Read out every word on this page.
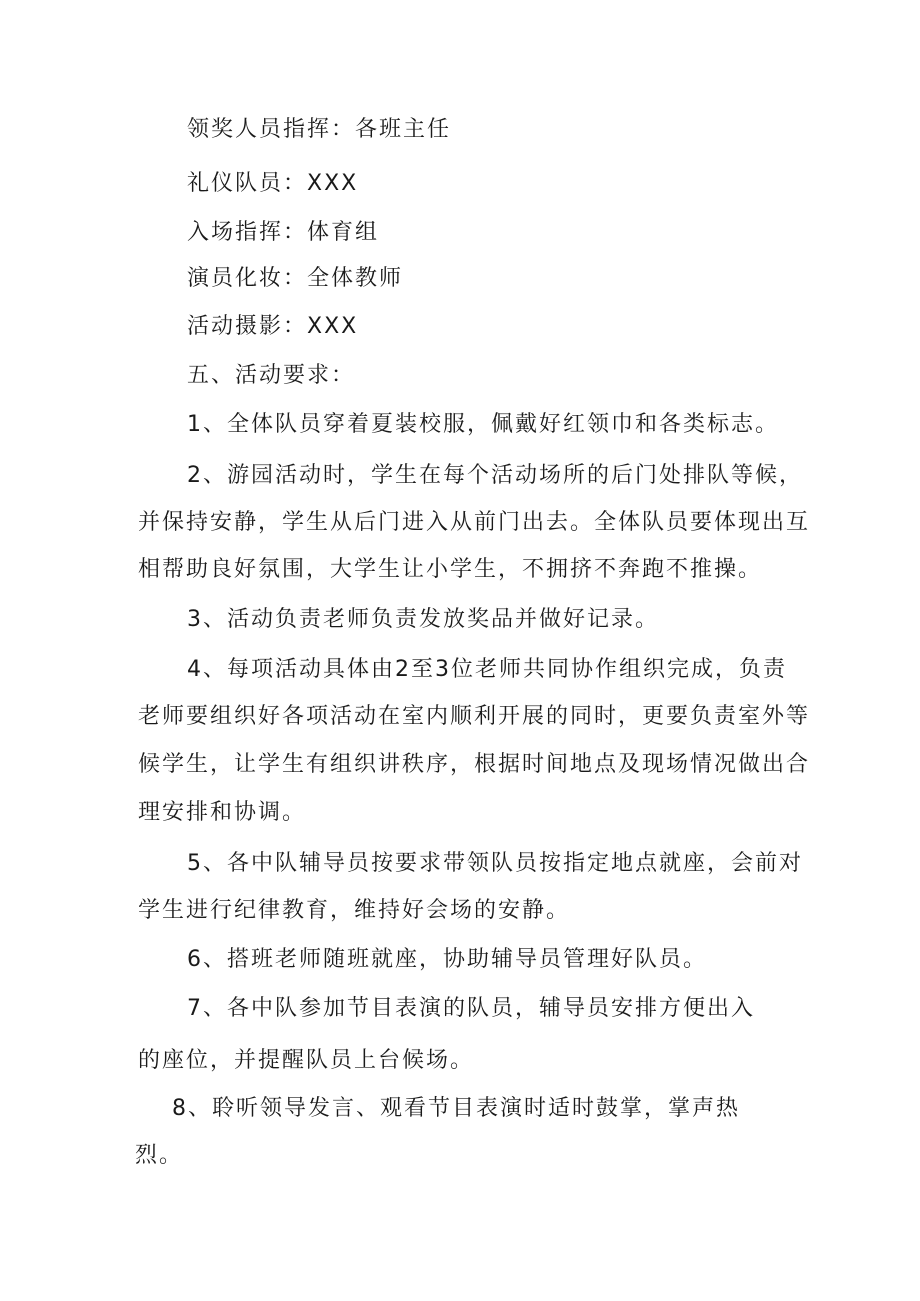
领奖人员指挥：各班主任
礼仪队员：XXX
入场指挥：体育组
演员化妆：全体教师
活动摄影：XXX
五、活动要求：
1、全体队员穿着夏装校服，佩戴好红领巾和各类标志。
2、游园活动时，学生在每个活动场所的后门处排队等候，
并保持安静，学生从后门进入从前门出去。全体队员要体现出互
相帮助良好氛围，大学生让小学生，不拥挤不奔跑不推操。
3、活动负责老师负责发放奖品并做好记录。
4、每项活动具体由2至3位老师共同协作组织完成，负责
老师要组织好各项活动在室内顺利开展的同时，更要负责室外等
候学生，让学生有组织讲秩序，根据时间地点及现场情况做出合
理安排和协调。
5、各中队辅导员按要求带领队员按指定地点就座，会前对
学生进行纪律教育，维持好会场的安静。
6、搭班老师随班就座，协助辅导员管理好队员。
7、各中队参加节目表演的队员，辅导员安排方便出入
的座位，并提醒队员上台候场。
8、聆听领导发言、观看节目表演时适时鼓掌，掌声热
烈。
